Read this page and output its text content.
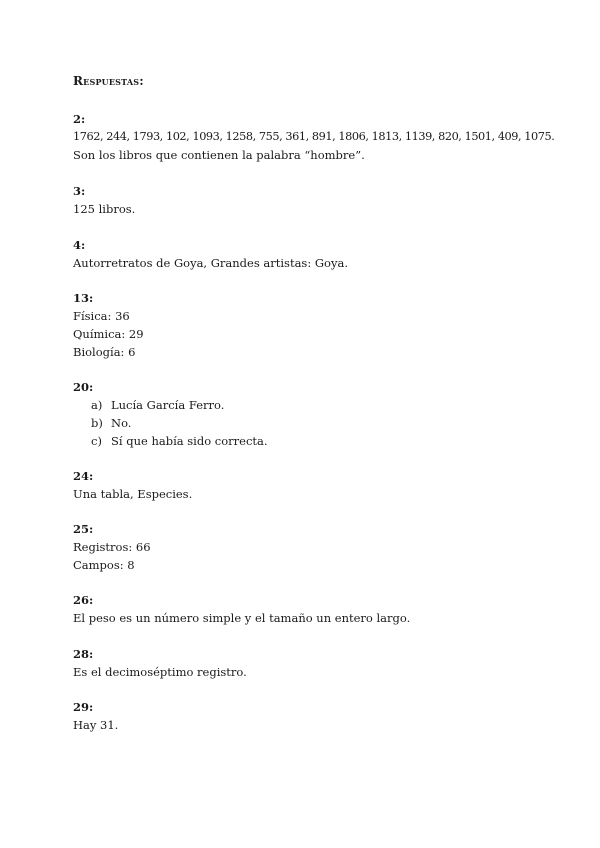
Respuestas:
2:
1762, 244, 1793, 102, 1093, 1258, 755, 361, 891, 1806, 1813, 1139, 820, 1501, 409, 1075.
Son los libros que contienen la palabra “hombre”.
3:
125 libros.
4:
Autorretratos de Goya, Grandes artistas: Goya.
13:
Física: 36
Química: 29
Biología: 6
20:
a) Lucía García Ferro.
b) No.
c) Sí que había sido correcta.
24:
Una tabla, Especies.
25:
Registros: 66
Campos: 8
26:
El peso es un número simple y el tamaño un entero largo.
28:
Es el decimoséptimo registro.
29:
Hay 31.
